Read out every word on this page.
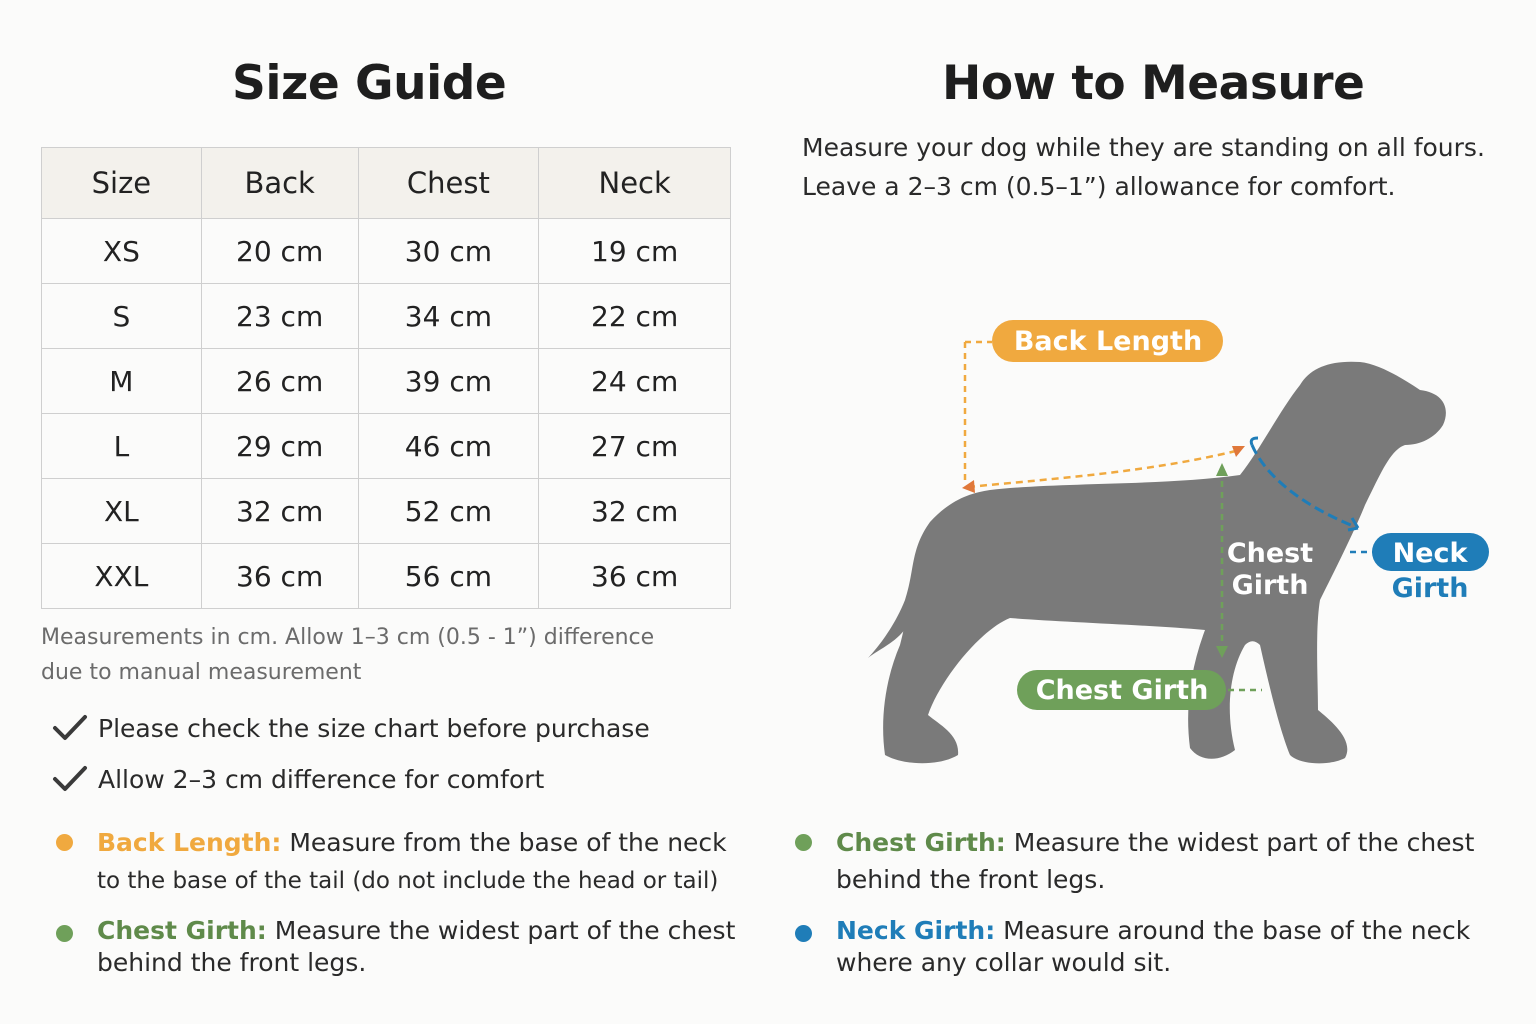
Size Guide	How to Measure
Size	Back	Chest	Neck
XS	20 cm	30 cm	19 cm
S	23 cm	34 cm	22 cm
M	26 cm	39 cm	24 cm
L	29 cm	46 cm	27 cm
XL	32 cm	52 cm	32 cm
XXL	36 cm	56 cm	36 cm
Measurements in cm. Allow 1–3 cm (0.5 - 1”) difference
due to manual measurement
Please check the size chart before purchase
Allow 2–3 cm difference for comfort
Back Length: Measure from the base of the neck
to the base of the tail (do not include the head or tail)
Chest Girth: Measure the widest part of the chest
behind the front legs.
Measure your dog while they are standing on all fours.
Leave a 2–3 cm (0.5–1”) allowance for comfort.
Back Length
Chest
Girth
Chest Girth
Neck
Girth
Chest Girth: Measure the widest part of the chest
behind the front legs.
Neck Girth: Measure around the base of the neck
where any collar would sit.
